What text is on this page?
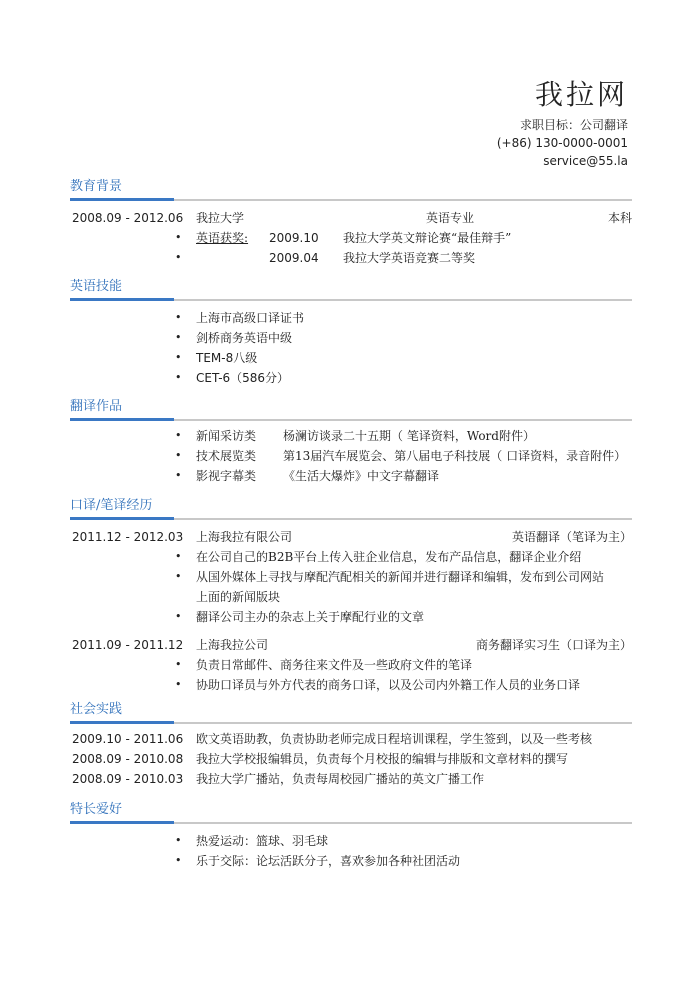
我拉网
求职目标：公司翻译
(+86) 130-0000-0001
service@55.la
教育背景
2008.09 - 2012.06 我拉大学	英语专业	本科
英语获奖: 2009.10 我拉大学英文辩论赛“最佳辩手”
2009.04 我拉大学英语竞赛二等奖
英语技能
上海市高级口译证书
剑桥商务英语中级
TEM-8八级
CET-6（586分）
翻译作品
新闻采访类 杨澜访谈录二十五期（ 笔译资料，Word附件）
技术展览类 第13届汽车展览会、第八届电子科技展（ 口译资料，录音附件）
影视字幕类 《生活大爆炸》中文字幕翻译
口译/笔译经历
2011.12 - 2012.03 上海我拉有限公司	英语翻译（笔译为主）
在公司自己的B2B平台上传入驻企业信息，发布产品信息，翻译企业介绍
• 从国外媒体上寻找与摩配汽配相关的新闻并进行翻译和编辑，发布到公司网站上面的新闻版块
翻译公司主办的杂志上关于摩配行业的文章
2011.09 - 2011.12 上海我拉公司	商务翻译实习生（口译为主）
负责日常邮件、商务往来文件及一些政府文件的笔译
协助口译员与外方代表的商务口译，以及公司内外籍工作人员的业务口译
社会实践
2009.10 - 2011.06 欧文英语助教，负责协助老师完成日程培训课程，学生签到，以及一些考核
2008.09 - 2010.08 我拉大学校报编辑员，负责每个月校报的编辑与排版和文章材料的撰写
2008.09 - 2010.03 我拉大学广播站，负责每周校园广播站的英文广播工作
特长爱好
热爱运动：篮球、羽毛球
乐于交际：论坛活跃分子，喜欢参加各种社团活动
